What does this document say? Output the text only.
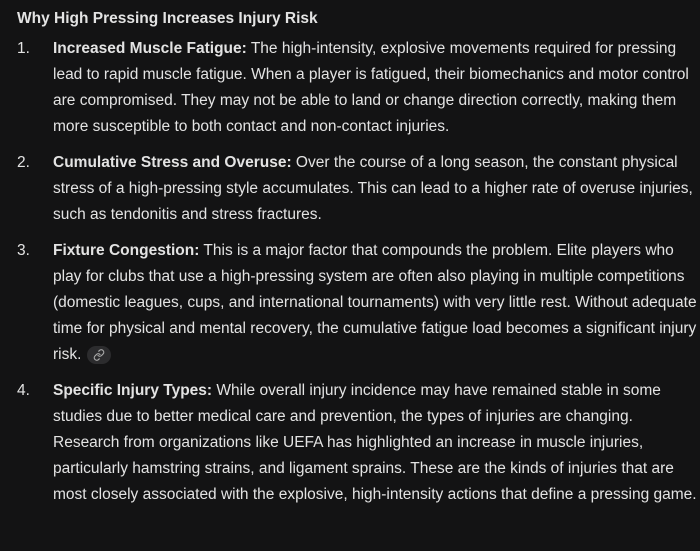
Why High Pressing Increases Injury Risk
1.	Increased Muscle Fatigue: The high-intensity, explosive movements required for pressing lead to rapid muscle fatigue. When a player is fatigued, their biomechanics and motor control are compromised. They may not be able to land or change direction correctly, making them more susceptible to both contact and non-contact injuries.
2.	Cumulative Stress and Overuse: Over the course of a long season, the constant physical stress of a high-pressing style accumulates. This can lead to a higher rate of overuse injuries, such as tendonitis and stress fractures.
3.	Fixture Congestion: This is a major factor that compounds the problem. Elite players who play for clubs that use a high-pressing system are often also playing in multiple competitions (domestic leagues, cups, and international tournaments) with very little rest. Without adequate time for physical and mental recovery, the cumulative fatigue load becomes a significant injury risk.
4.	Specific Injury Types: While overall injury incidence may have remained stable in some studies due to better medical care and prevention, the types of injuries are changing. Research from organizations like UEFA has highlighted an increase in muscle injuries, particularly hamstring strains, and ligament sprains. These are the kinds of injuries that are most closely associated with the explosive, high-intensity actions that define a pressing game.
